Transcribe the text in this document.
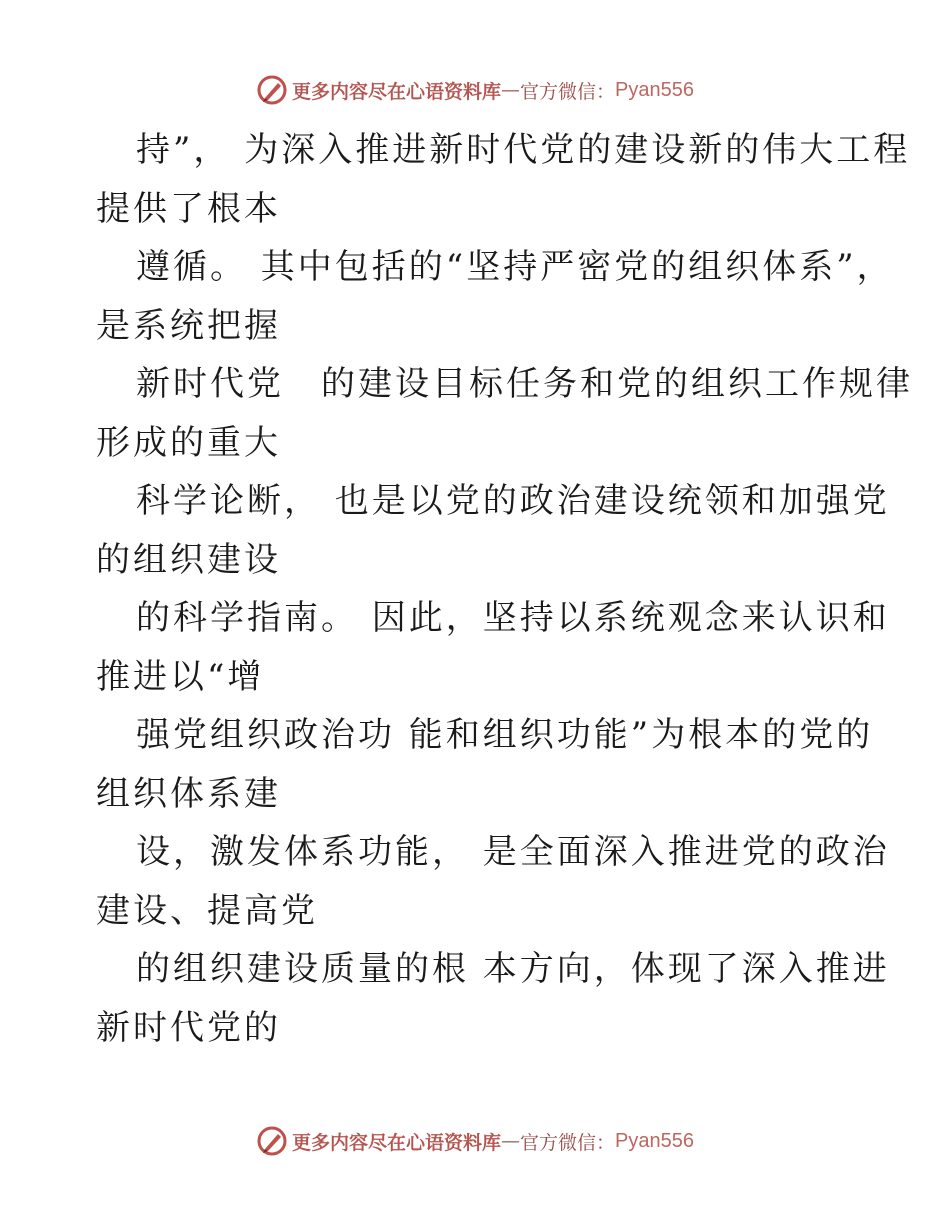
更多内容尽在心语资料库 — 官方微信： Pyan556
持”， 为深入推进新时代党的建设新的伟大工程
提供了根本
遵循。 其中包括的“坚持严密党的组织体系”，
是系统把握
新时代党　的建设目标任务和党的组织工作规律
形成的重大
科学论断， 也是以党的政治建设统领和加强党
的组织建设
的科学指南。 因此，坚持以系统观念来认识和
推进以“增
强党组织政治功 能和组织功能”为根本的党的
组织体系建
设，激发体系功能， 是全面深入推进党的政治
建设、提高党
的组织建设质量的根 本方向，体现了深入推进
新时代党的
更多内容尽在心语资料库 — 官方微信： Pyan556
